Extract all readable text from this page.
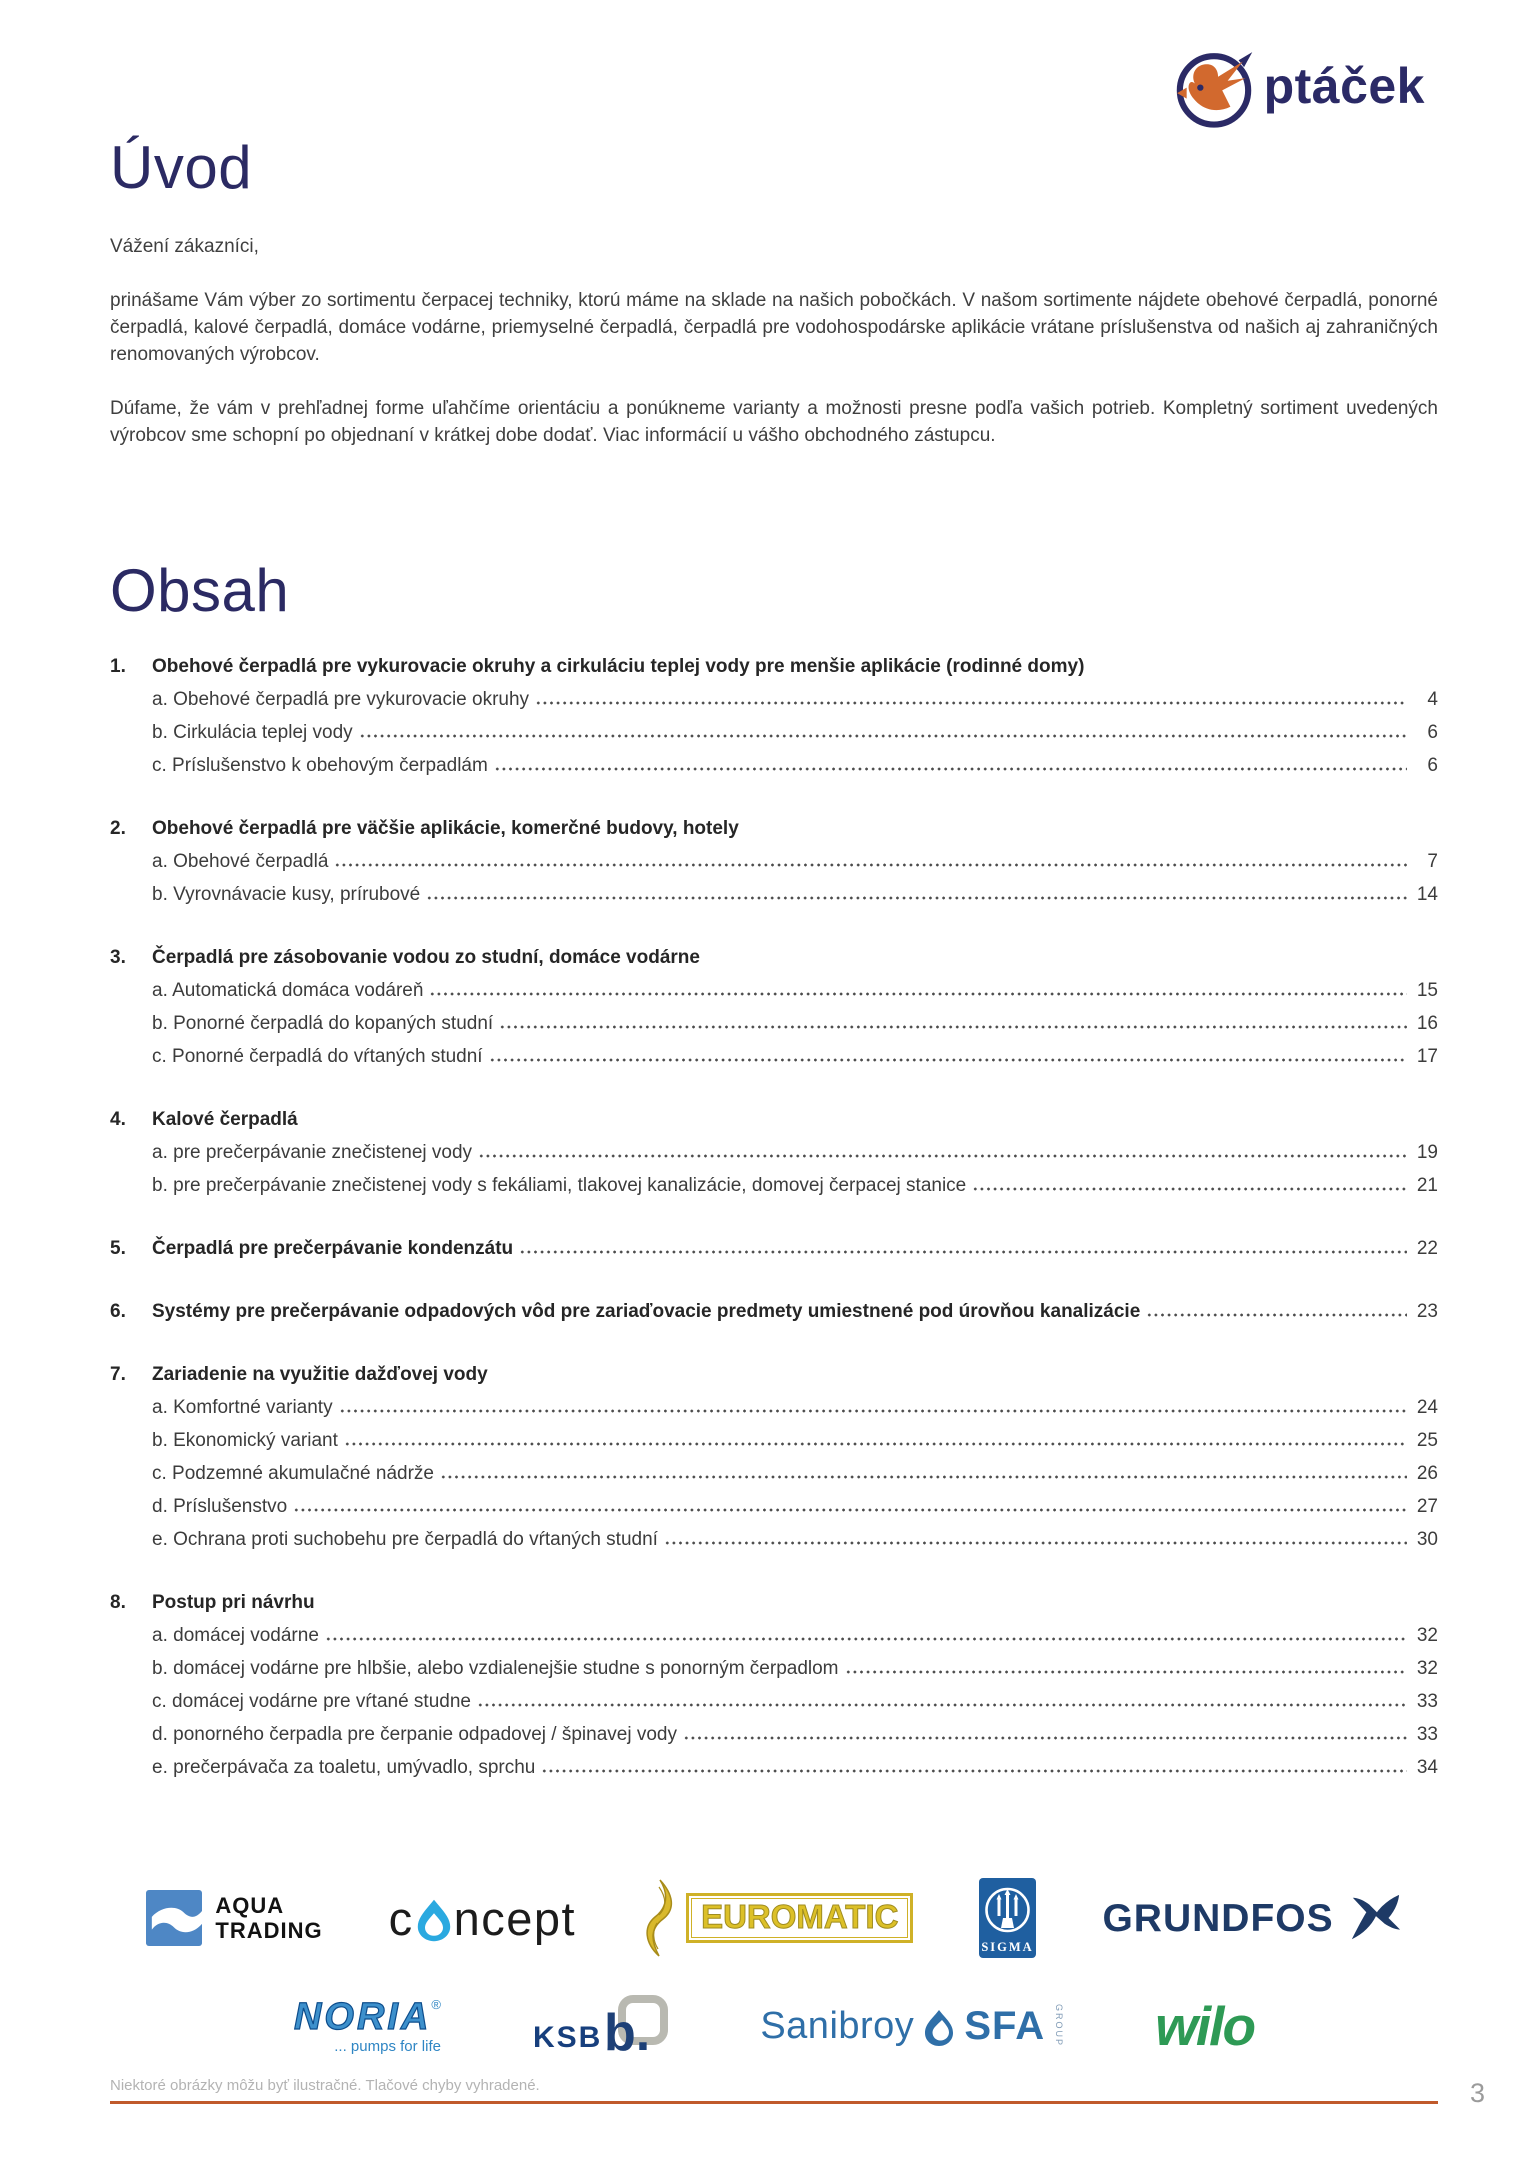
ptáček
Úvod

Vážení zákazníci,

prinášame Vám výber zo sortimentu čerpacej techniky, ktorú máme na sklade na našich pobočkách. V našom sortimente nájdete obehové čerpadlá, ponorné čerpadlá, kalové čerpadlá, domáce vodárne, priemyselné čerpadlá, čerpadlá pre vodohospodárske aplikácie vrátane príslušenstva od našich aj zahraničných renomovaných výrobcov.

Dúfame, že vám v prehľadnej forme uľahčíme orientáciu a ponúkneme varianty a možnosti presne podľa vašich potrieb. Kompletný sortiment uvedených výrobcov sme schopní po objednaní v krátkej dobe dodať. Viac informácií u vášho obchodného zástupcu.

Obsah
1.	Obehové čerpadlá pre vykurovacie okruhy a cirkuláciu teplej vody pre menšie aplikácie (rodinné domy)
a. Obehové čerpadlá pre vykurovacie okruhy	4
b. Cirkulácia teplej vody	6
c. Príslušenstvo k obehovým čerpadlám	6
2.	Obehové čerpadlá pre väčšie aplikácie, komerčné budovy, hotely
a. Obehové čerpadlá	7
b. Vyrovnávacie kusy, prírubové	14
3.	Čerpadlá pre zásobovanie vodou zo studní, domáce vodárne
a. Automatická domáca vodáreň	15
b. Ponorné čerpadlá do kopaných studní	16
c. Ponorné čerpadlá do vŕtaných studní	17
4.	Kalové čerpadlá
a. pre prečerpávanie znečistenej vody	19
b. pre prečerpávanie znečistenej vody s fekáliami, tlakovej kanalizácie, domovej čerpacej stanice	21
5.	Čerpadlá pre prečerpávanie kondenzátu	22
6.	Systémy pre prečerpávanie odpadových vôd pre zariaďovacie predmety umiestnené pod úrovňou kanalizácie	23
7.	Zariadenie na využitie dažďovej vody
a. Komfortné varianty	24
b. Ekonomický variant	25
c. Podzemné akumulačné nádrže	26
d. Príslušenstvo	27
e. Ochrana proti suchobehu pre čerpadlá do vŕtaných studní	30
8.	Postup pri návrhu
a. domácej vodárne	32
b. domácej vodárne pre hlbšie, alebo vzdialenejšie studne s ponorným čerpadlom	32
c. domácej vodárne pre vŕtané studne	33
d. ponorného čerpadla pre čerpanie odpadovej / špinavej vody	33
e. prečerpávača za toaletu, umývadlo, sprchu	34
AQUA
TRADING c ncept	EUROMATIC
SIGMA
GRUNDFOS
NORIA®
... pumps for life	KSB b.	Sanibroy SFA GROUP wilo
Niektoré obrázky môžu byť ilustračné. Tlačové chyby vyhradené.	3
